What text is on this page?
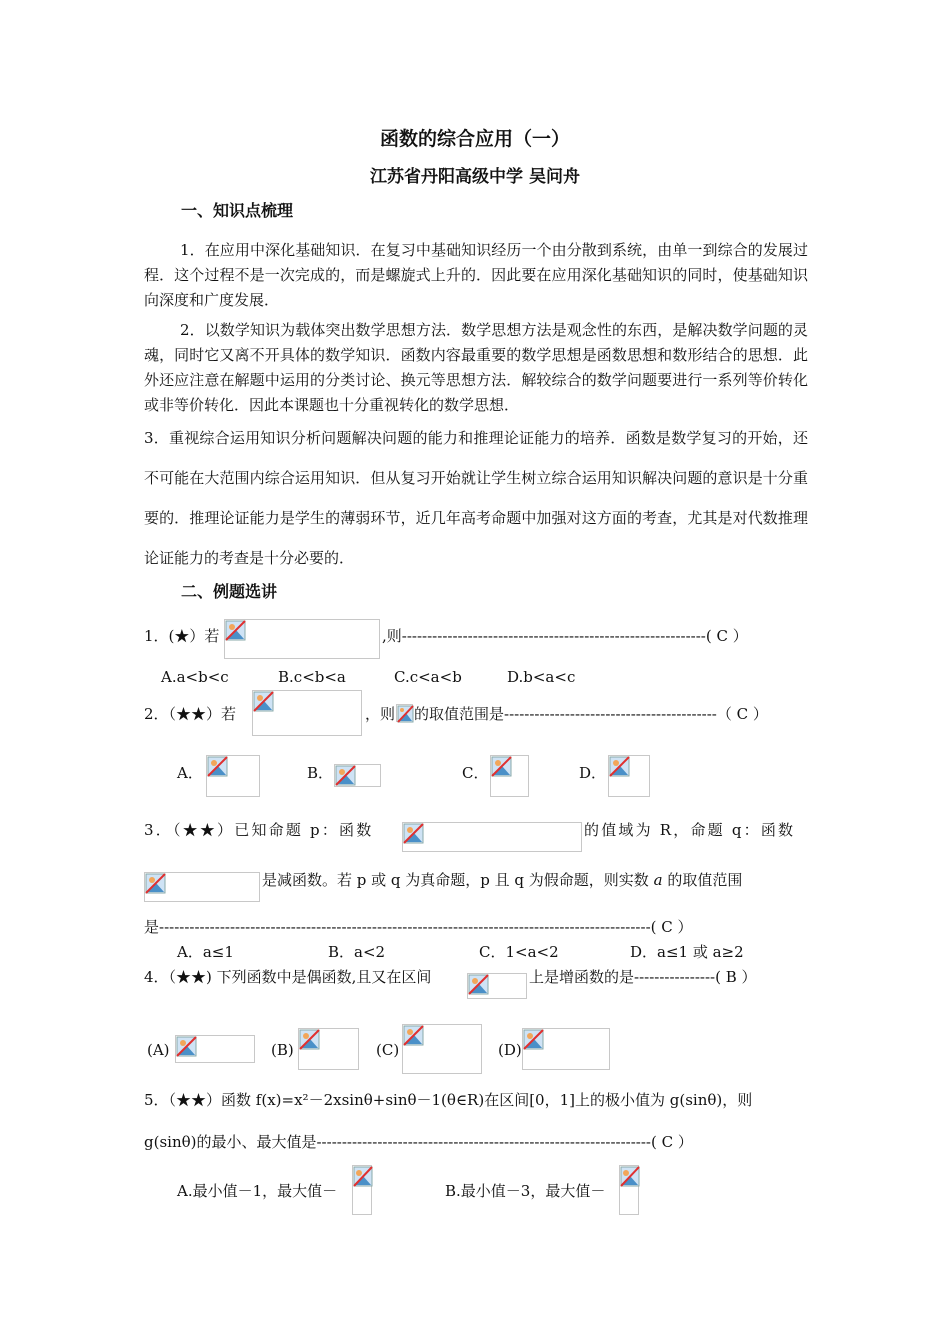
函数的综合应用（一）
江苏省丹阳高级中学 吴问舟
一、知识点梳理
1．在应用中深化基础知识．在复习中基础知识经历一个由分散到系统，由单一到综合的发展过程．这个过程不是一次完成的，而是螺旋式上升的．因此要在应用深化基础知识的同时，使基础知识向深度和广度发展．
2．以数学知识为载体突出数学思想方法．数学思想方法是观念性的东西，是解决数学问题的灵魂，同时它又离不开具体的数学知识．函数内容最重要的数学思想是函数思想和数形结合的思想．此外还应注意在解题中运用的分类讨论、换元等思想方法．解较综合的数学问题要进行一系列等价转化或非等价转化．因此本课题也十分重视转化的数学思想．
3．重视综合运用知识分析问题解决问题的能力和推理论证能力的培养．函数是数学复习的开始，还不可能在大范围内综合运用知识．但从复习开始就让学生树立综合运用知识解决问题的意识是十分重要的．推理论证能力是学生的薄弱环节，近几年高考命题中加强对这方面的考查，尤其是对代数推理论证能力的考查是十分必要的．
二、例题选讲
1．(★）若	,则------------------------------------------------------------( C ）
A.a<b<c	B.c<b<a	C.c<a<b	D.b<a<c
2．（★★）若	，则 的取值范围是------------------------------------------（ C ）
A．	B．	C．	D．
3．（★★）已知命题 p：函数	的值域为 R，命题 q：函数
是减函数。若 p 或 q 为真命题，p 且 q 为假命题，则实数 a 的取值范围
是-------------------------------------------------------------------------------------------------( C ）
A．a≤1	B．a<2	C．1<a<2	D．a≤1 或 a≥2
4．（★★) 下列函数中是偶函数,且又在区间	上是增函数的是----------------( B ）
(A)	(B)	(C)	(D)
5．（★★）函数 f(x)=x²－2xsinθ+sinθ－1(θ∈R)在区间[0，1]上的极小值为 g(sinθ)，则
g(sinθ)的最小、最大值是------------------------------------------------------------------( C ）
A.最小值－1，最大值－	B.最小值－3，最大值－
